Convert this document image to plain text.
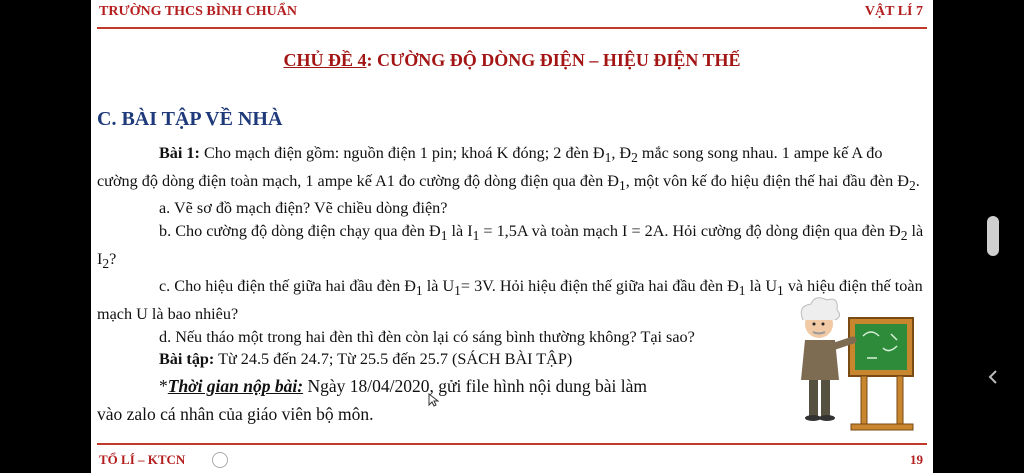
TRƯỜNG THCS BÌNH CHUẨN	VẬT LÍ 7
CHỦ ĐỀ 4: CƯỜNG ĐỘ DÒNG ĐIỆN – HIỆU ĐIỆN THẾ
C. BÀI TẬP VỀ NHÀ

Bài 1: Cho mạch điện gồm: nguồn điện 1 pin; khoá K đóng; 2 đèn $Đ_1$, $Đ_2$ mắc song song nhau. 1 ampe kế A đo cường độ dòng điện toàn mạch, 1 ampe kế A1 đo cường độ dòng điện qua đèn $Đ_1$, một vôn kế đo hiệu điện thế hai đầu đèn $Đ_2$.

a. Vẽ sơ đồ mạch điện? Vẽ chiều dòng điện?

b. Cho cường độ dòng điện chạy qua đèn $Đ_1$ là $I_1 = 1,5A$ và toàn mạch I = 2A. Hỏi cường độ dòng điện qua đèn $Đ_2$ là $I_2$?

c. Cho hiệu điện thế giữa hai đầu đèn $Đ_1$ là $U_1= 3V$. Hỏi hiệu điện thế giữa hai đầu đèn $Đ_1$ là $U_1$ và hiệu điện thế toàn mạch U là bao nhiêu?

d. Nếu tháo một trong hai đèn thì đèn còn lại có sáng bình thường không? Tại sao?

Bài tập: Từ 24.5 đến 24.7; Từ 25.5 đến 25.7 (SÁCH BÀI TẬP)

*Thời gian nộp bài: Ngày 18/04/2020, gửi file hình nội dung bài làm

vào zalo cá nhân của giáo viên bộ môn.

TỔ LÍ – KTCN	19
